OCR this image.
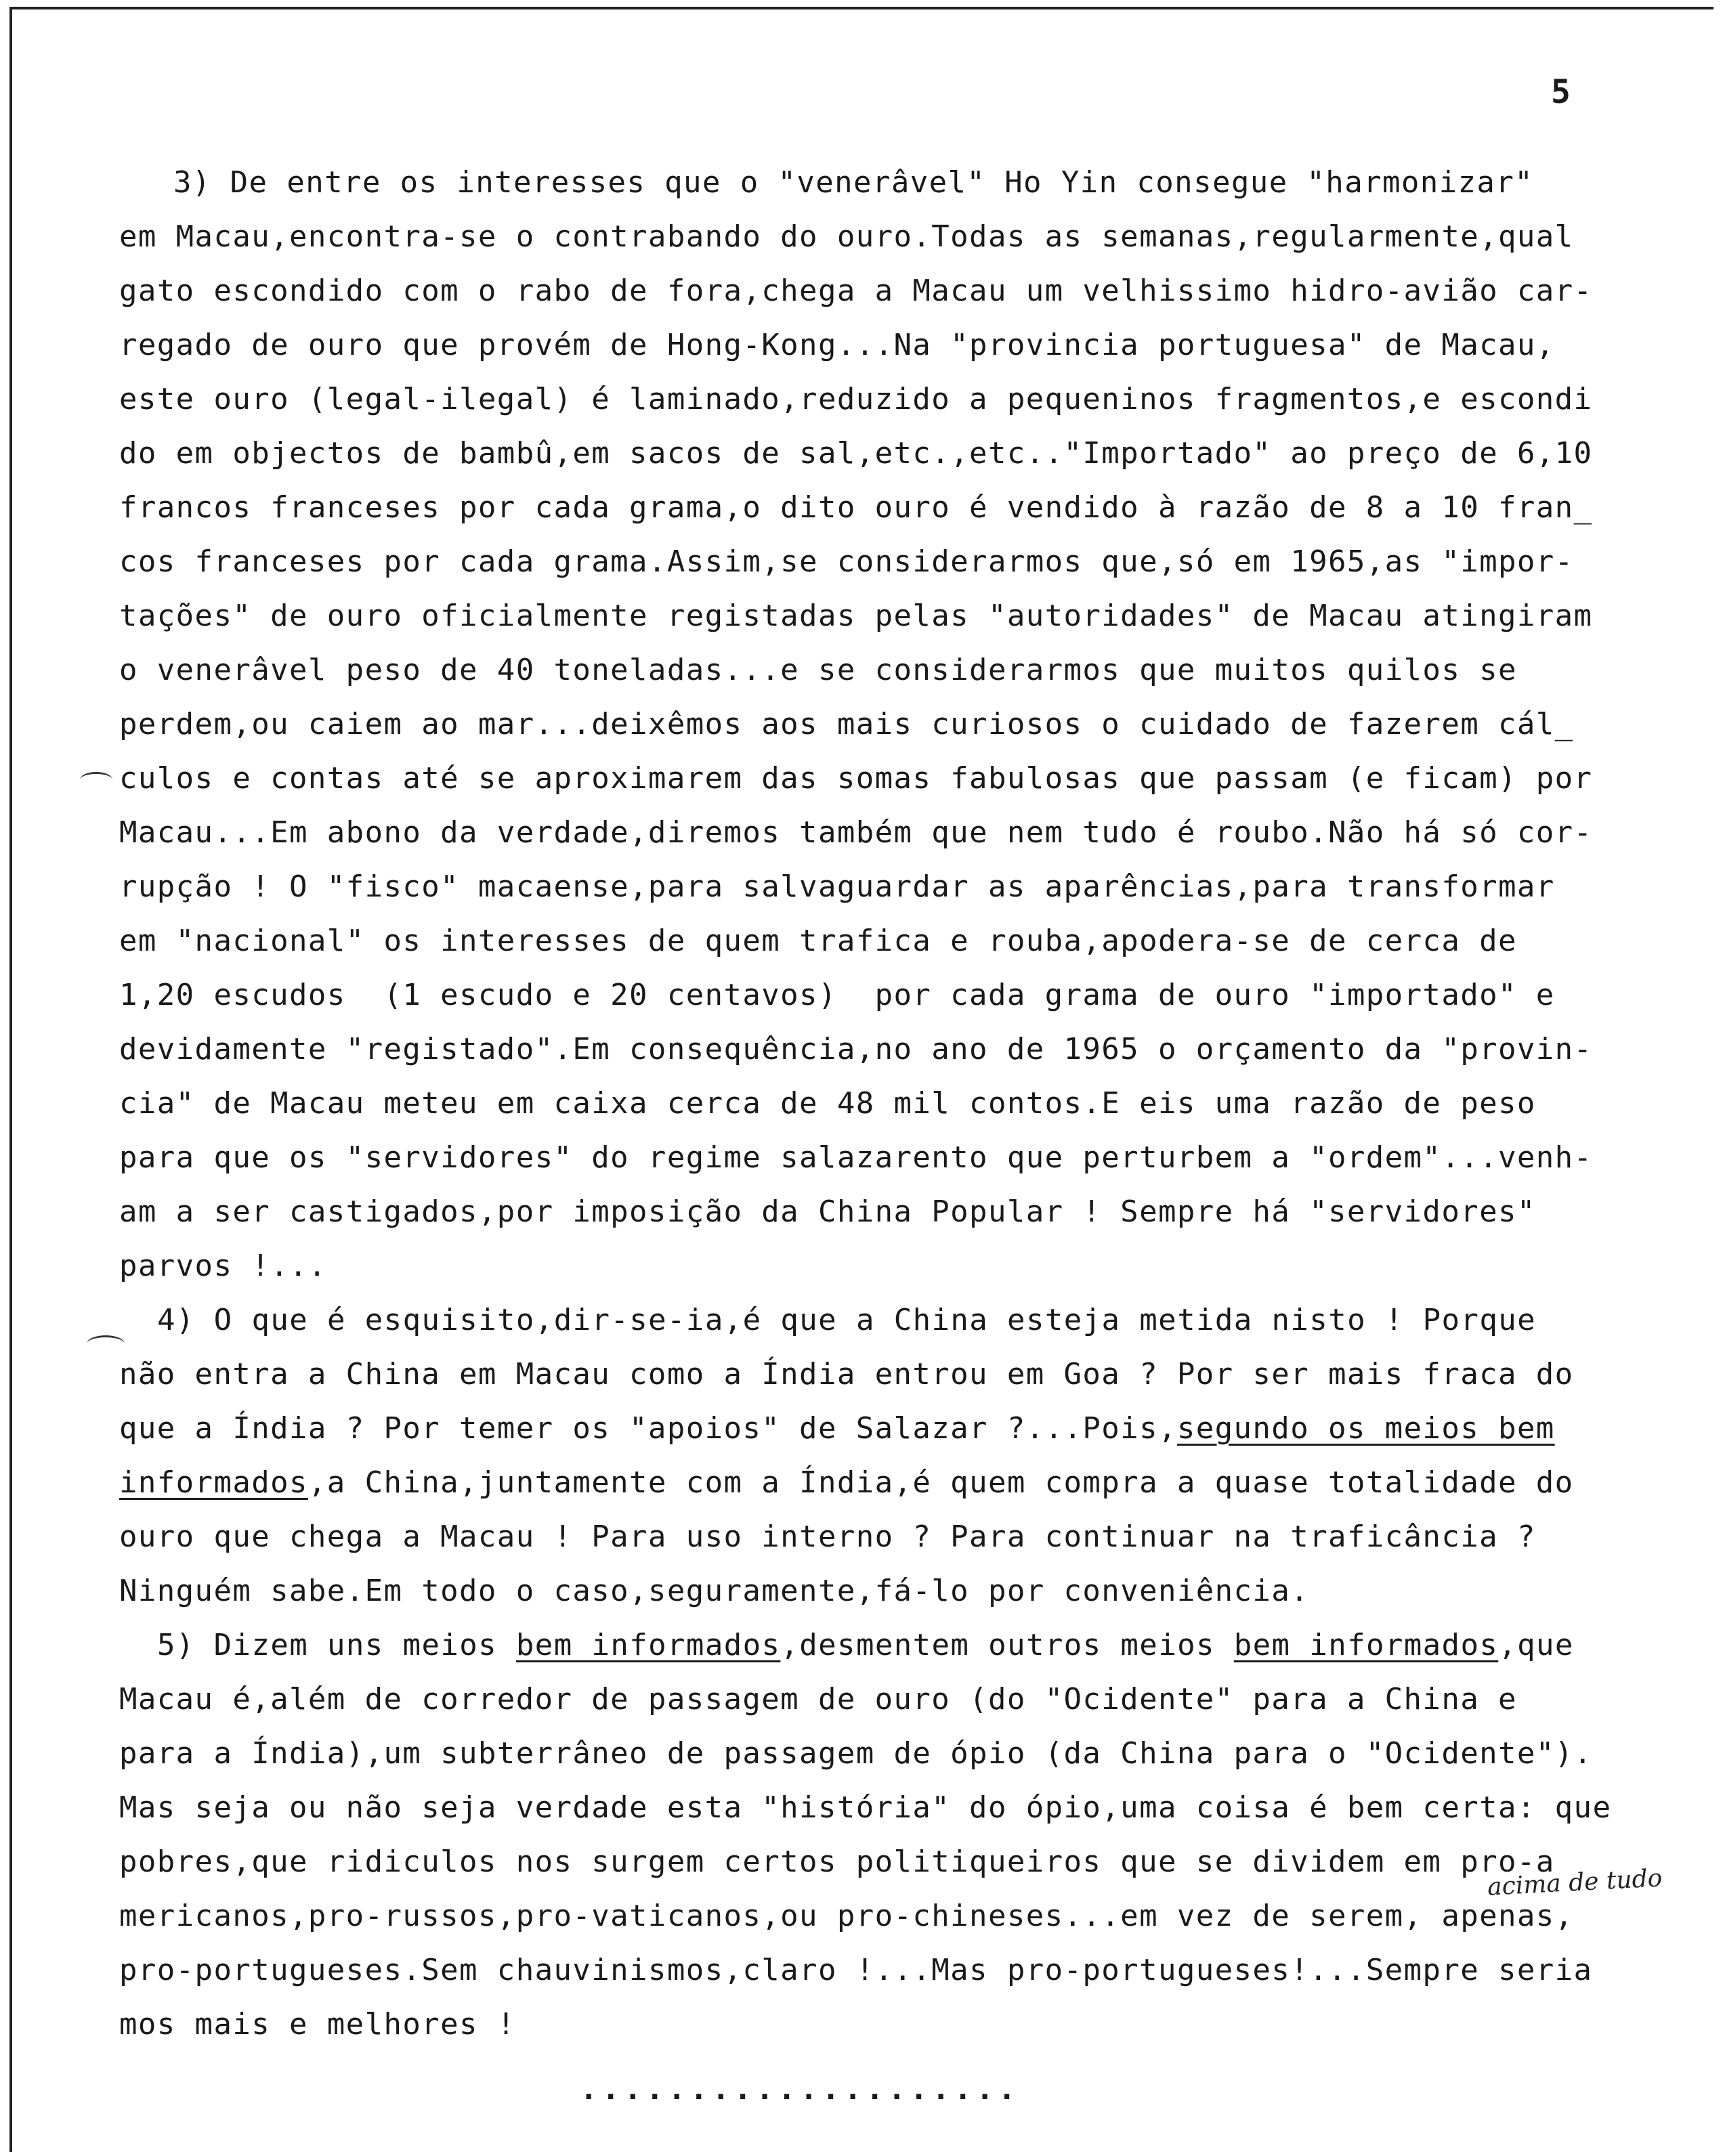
5
3) De entre os interesses que o "venerâvel" Ho Yin consegue "harmonizar"
em Macau,encontra-se o contrabando do ouro.Todas as semanas,regularmente,qual
gato escondido com o rabo de fora,chega a Macau um velhissimo hidro-avião car-
regado de ouro que provém de Hong-Kong...Na "provincia portuguesa" de Macau,
este ouro (legal-ilegal) é laminado,reduzido a pequeninos fragmentos,e escondi
do em objectos de bambû,em sacos de sal,etc.,etc.."Importado" ao preço de 6,10
francos franceses por cada grama,o dito ouro é vendido à razão de 8 a 10 fran_
cos franceses por cada grama.Assim,se considerarmos que,só em 1965,as "impor-
tações" de ouro oficialmente registadas pelas "autoridades" de Macau atingiram
o venerâvel peso de 40 toneladas...e se considerarmos que muitos quilos se
perdem,ou caiem ao mar...deixêmos aos mais curiosos o cuidado de fazerem cál_
culos e contas até se aproximarem das somas fabulosas que passam (e ficam) por
Macau...Em abono da verdade,diremos também que nem tudo é roubo.Não há só cor-
rupção ! O "fisco" macaense,para salvaguardar as aparências,para transformar
em "nacional" os interesses de quem trafica e rouba,apodera-se de cerca de
1,20 escudos  (1 escudo e 20 centavos)  por cada grama de ouro "importado" e
devidamente "registado".Em consequência,no ano de 1965 o orçamento da "provin-
cia" de Macau meteu em caixa cerca de 48 mil contos.E eis uma razão de peso
para que os "servidores" do regime salazarento que perturbem a "ordem"...venh-
am a ser castigados,por imposição da China Popular ! Sempre há "servidores"
parvos !...
4) O que é esquisito,dir-se-ia,é que a China esteja metida nisto ! Porque
não entra a China em Macau como a Índia entrou em Goa ? Por ser mais fraca do
que a Índia ? Por temer os "apoios" de Salazar ?...Pois,segundo os meios bem
informados,a China,juntamente com a Índia,é quem compra a quase totalidade do
ouro que chega a Macau ! Para uso interno ? Para continuar na traficância ?
Ninguém sabe.Em todo o caso,seguramente,fá-lo por conveniência.
5) Dizem uns meios bem informados,desmentem outros meios bem informados,que
Macau é,além de corredor de passagem de ouro (do "Ocidente" para a China e
para a Índia),um subterrâneo de passagem de ópio (da China para o "Ocidente").
Mas seja ou não seja verdade esta "história" do ópio,uma coisa é bem certa: que
pobres,que ridiculos nos surgem certos politiqueiros que se dividem em pro-a
mericanos,pro-russos,pro-vaticanos,ou pro-chineses...em vez de serem, apenas,
pro-portugueses.Sem chauvinismos,claro !...Mas pro-portugueses!...Sempre seria
mos mais e melhores !
acima de tudo
....................
